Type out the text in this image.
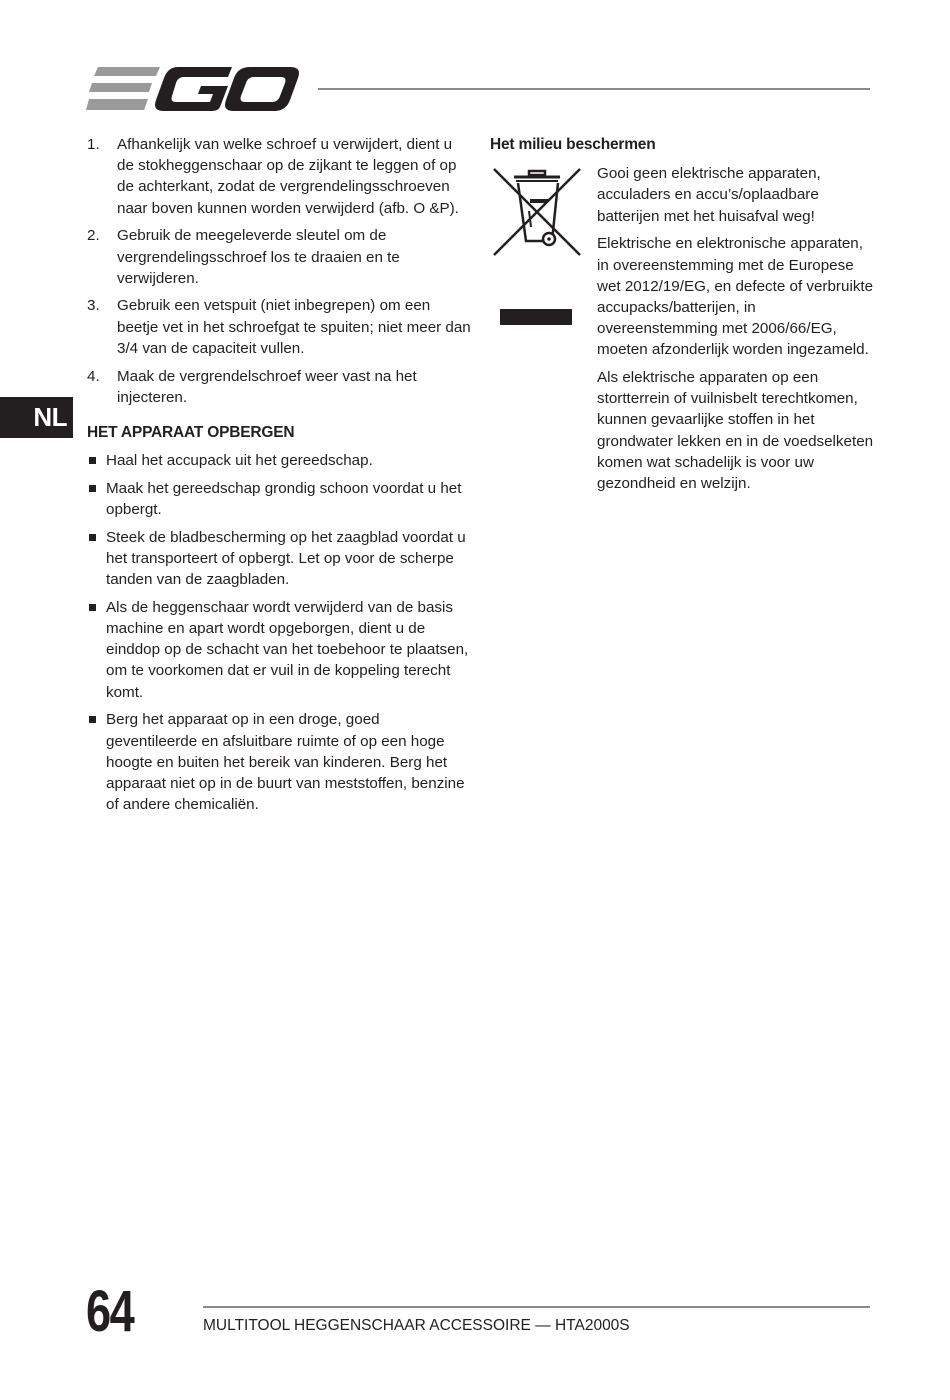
NL
1. Afhankelijk van welke schroef u verwijdert, dient u de stokheggenschaar op de zijkant te leggen of op de achterkant, zodat de vergrendelingsschroeven naar boven kunnen worden verwijderd (afb. O &P).
2. Gebruik de meegeleverde sleutel om de vergrendelingsschroef los te draaien en te verwijderen.
3. Gebruik een vetspuit (niet inbegrepen) om een beetje vet in het schroefgat te spuiten; niet meer dan 3/4 van de capaciteit vullen.
4. Maak de vergrendelschroef weer vast na het injecteren.
HET APPARAAT OPBERGEN
Haal het accupack uit het gereedschap.
Maak het gereedschap grondig schoon voordat u het opbergt.
Steek de bladbescherming op het zaagblad voordat u het transporteert of opbergt. Let op voor de scherpe tanden van de zaagbladen.
Als de heggenschaar wordt verwijderd van de basis machine en apart wordt opgeborgen, dient u de einddop op de schacht van het toebehoor te plaatsen, om te voorkomen dat er vuil in de koppeling terecht komt.
Berg het apparaat op in een droge, goed geventileerde en afsluitbare ruimte of op een hoge hoogte en buiten het bereik van kinderen. Berg het apparaat niet op in de buurt van meststoffen, benzine of andere chemicaliën.
Het milieu beschermen

Gooi geen elektrische apparaten, acculaders en accu’s/oplaadbare batterijen met het huisafval weg!

Elektrische en elektronische apparaten, in overeenstemming met de Europese wet 2012/19/EG, en defecte of verbruikte accupacks/batterijen, in overeenstemming met 2006/66/EG, moeten afzonderlijk worden ingezameld.

Als elektrische apparaten op een stortterrein of vuilnisbelt terechtkomen, kunnen gevaarlijke stoffen in het grondwater lekken en in de voedselketen komen wat schadelijk is voor uw gezondheid en welzijn.

64	MULTITOOL HEGGENSCHAAR ACCESSOIRE — HTA2000S
